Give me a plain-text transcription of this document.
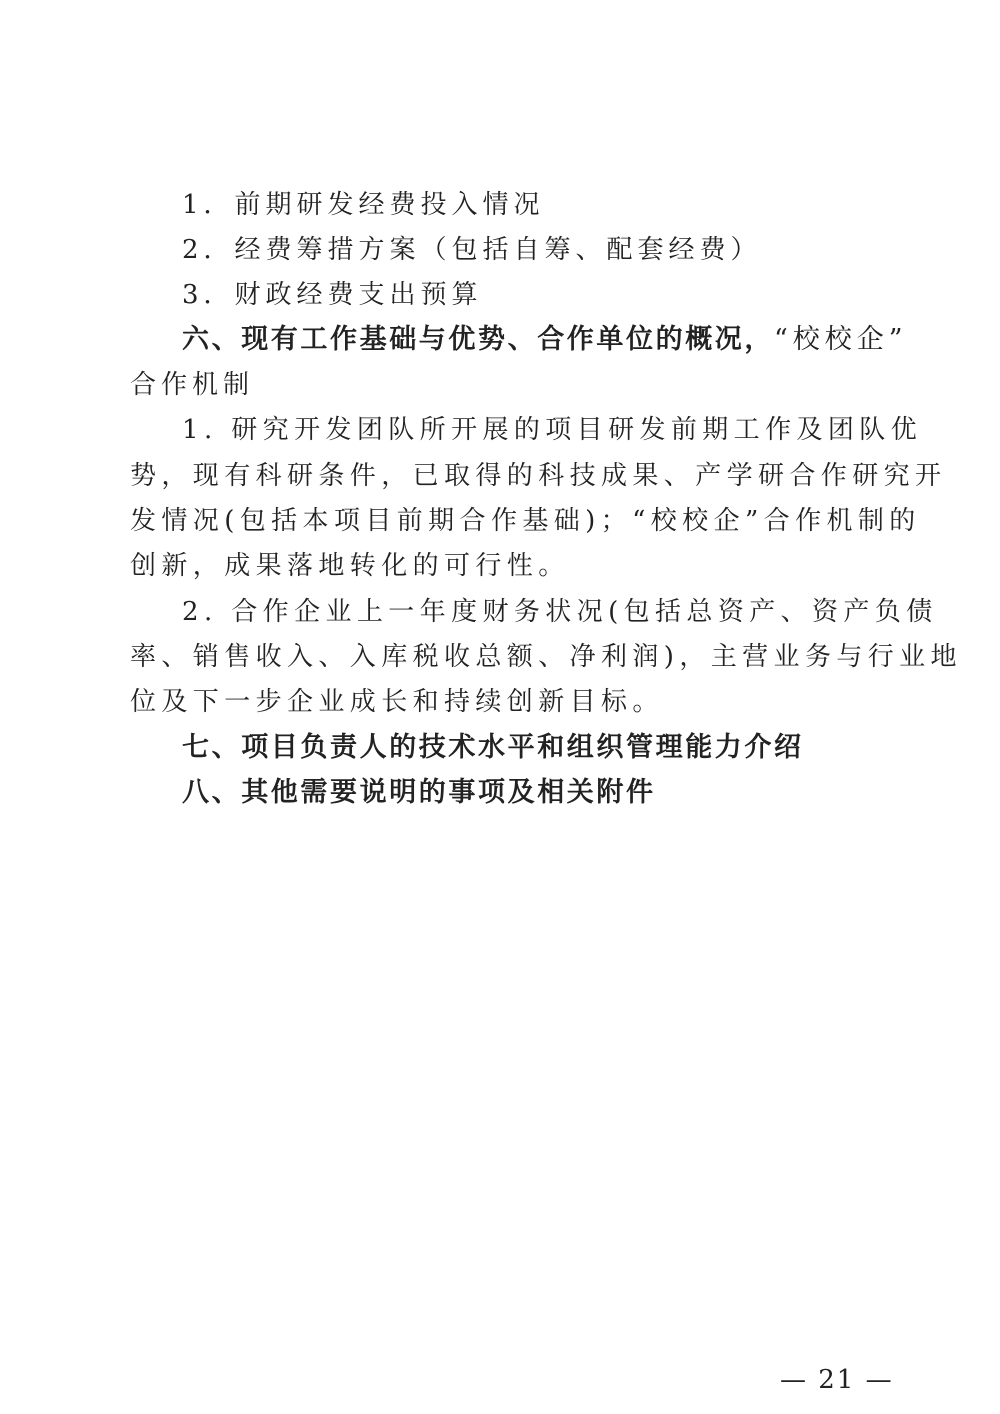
1．前期研发经费投入情况
2．经费筹措方案（包括自筹、配套经费）
3．财政经费支出预算
六、现有工作基础与优势、合作单位的概况，“校校企”
合作机制
1. 研究开发团队所开展的项目研发前期工作及团队优
势，现有科研条件，已取得的科技成果、产学研合作研究开
发情况(包括本项目前期合作基础)；“校校企”合作机制的
创新，成果落地转化的可行性。
2. 合作企业上一年度财务状况(包括总资产、资产负债
率、销售收入、入库税收总额、净利润)，主营业务与行业地
位及下一步企业成长和持续创新目标。
七、项目负责人的技术水平和组织管理能力介绍
八、其他需要说明的事项及相关附件
— 21 —
